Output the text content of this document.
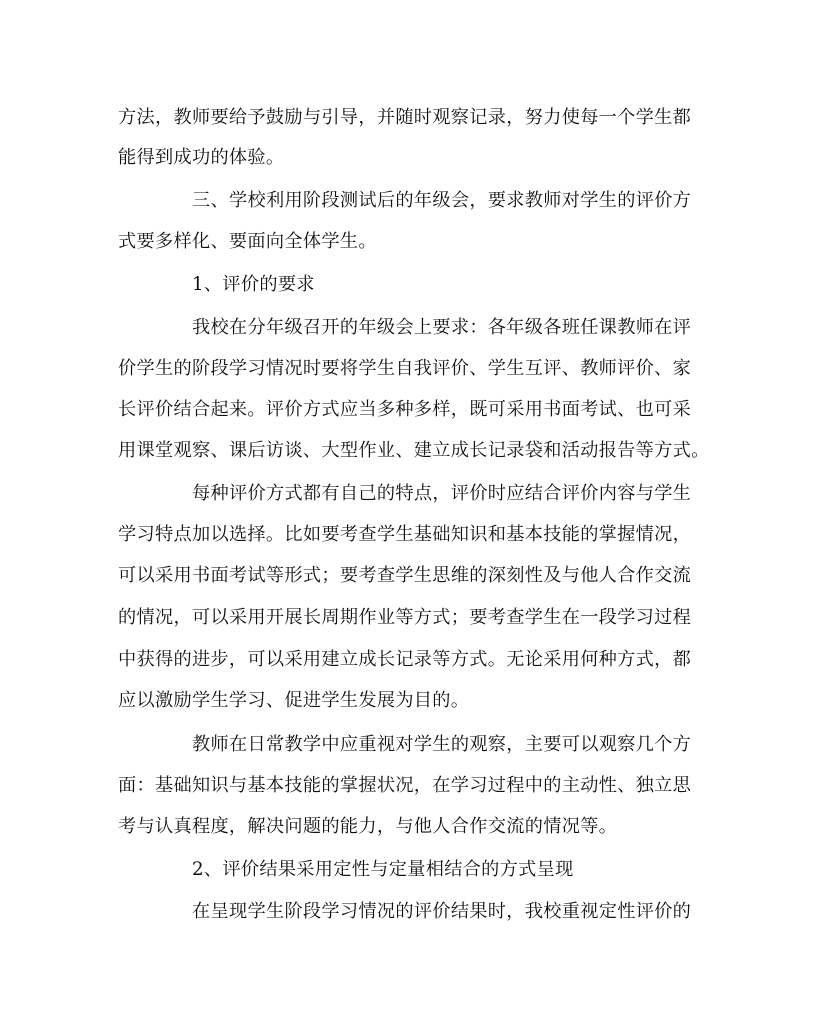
方法，教师要给予鼓励与引导，并随时观察记录，努力使每一个学生都
能得到成功的体验。
三、学校利用阶段测试后的年级会，要求教师对学生的评价方
式要多样化、要面向全体学生。
1、评价的要求
我校在分年级召开的年级会上要求：各年级各班任课教师在评
价学生的阶段学习情况时要将学生自我评价、学生互评、教师评价、家
长评价结合起来。评价方式应当多种多样，既可采用书面考试、也可采
用课堂观察、课后访谈、大型作业、建立成长记录袋和活动报告等方式。
每种评价方式都有自己的特点，评价时应结合评价内容与学生
学习特点加以选择。比如要考查学生基础知识和基本技能的掌握情况，
可以采用书面考试等形式；要考查学生思维的深刻性及与他人合作交流
的情况，可以采用开展长周期作业等方式；要考查学生在一段学习过程
中获得的进步，可以采用建立成长记录等方式。无论采用何种方式，都
应以激励学生学习、促进学生发展为目的。
教师在日常教学中应重视对学生的观察，主要可以观察几个方
面：基础知识与基本技能的掌握状况，在学习过程中的主动性、独立思
考与认真程度，解决问题的能力，与他人合作交流的情况等。
2、评价结果采用定性与定量相结合的方式呈现
在呈现学生阶段学习情况的评价结果时，我校重视定性评价的
